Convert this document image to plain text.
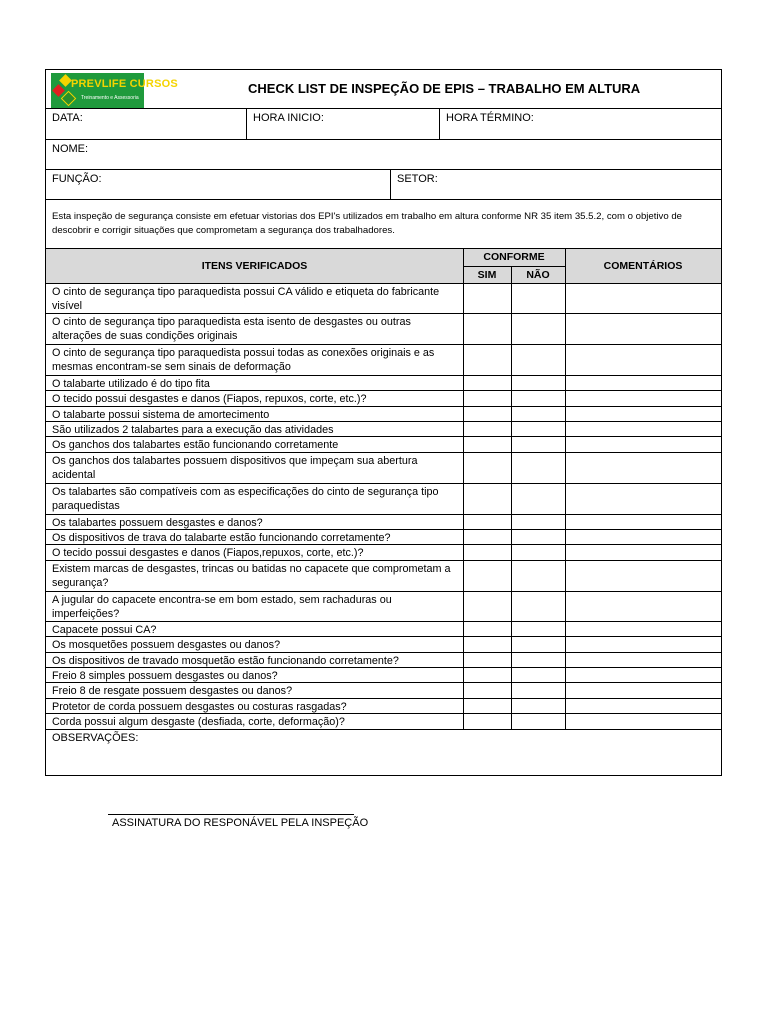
PREVLIFE CURSOS
Treinamento e Assessoria
CHECK LIST DE INSPEÇÃO DE EPIS – TRABALHO EM ALTURA
DATA:	HORA INICIO:	HORA TÉRMINO:
NOME:
FUNÇÃO:	SETOR:
Esta inspeção de segurança consiste em efetuar vistorias dos EPI's utilizados em trabalho em altura conforme NR 35 item 35.5.2, com o objetivo de descobrir e corrigir situações que comprometam a segurança dos trabalhadores.
ITENS VERIFICADOS
CONFORME
SIM	NÃO
COMENTÁRIOS
O cinto de segurança tipo paraquedista possui CA válido e etiqueta do fabricante visível
O cinto de segurança tipo paraquedista esta isento de desgastes ou outras alterações de suas condições originais
O cinto de segurança tipo paraquedista possui todas as conexões originais e as mesmas encontram-se sem sinais de deformação
O talabarte utilizado é do tipo fita
O tecido possui desgastes e danos (Fiapos, repuxos, corte, etc.)?
O talabarte possui sistema de amortecimento
São utilizados 2 talabartes para a execução das atividades
Os ganchos dos talabartes estão funcionando corretamente
Os ganchos dos talabartes possuem dispositivos que impeçam sua abertura acidental
Os talabartes são compatíveis com as especificações do cinto de segurança tipo paraquedistas
Os talabartes possuem desgastes e danos?
Os dispositivos de trava do talabarte estão funcionando corretamente?
O tecido possui desgastes e danos (Fiapos,repuxos, corte, etc.)?
Existem marcas de desgastes, trincas ou batidas no capacete que comprometam a segurança?
A jugular do capacete encontra-se em bom estado, sem rachaduras ou imperfeições?
Capacete possui CA?
Os mosquetões possuem desgastes ou danos?
Os dispositivos de travado mosquetão estão funcionando corretamente?
Freio 8 simples possuem desgastes ou danos?
Freio 8 de resgate possuem desgastes ou danos?
Protetor de corda possuem desgastes ou costuras rasgadas?
Corda possui algum desgaste (desfiada, corte, deformação)?
OBSERVAÇÕES:
ASSINATURA DO RESPONÁVEL PELA INSPEÇÃO
